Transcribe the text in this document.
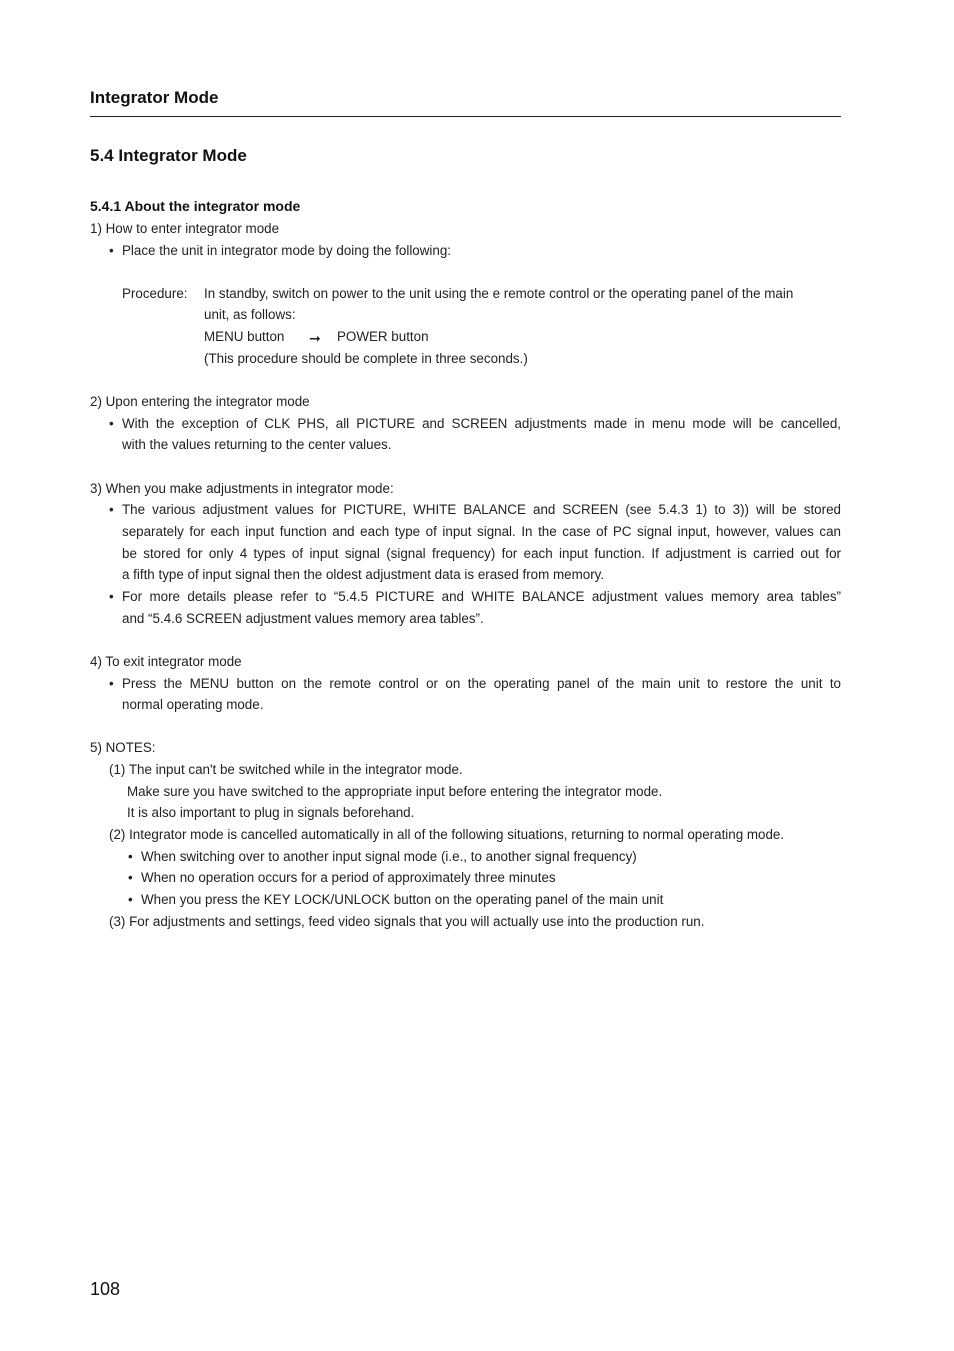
Integrator Mode
5.4 Integrator Mode
5.4.1 About the integrator mode
1) How to enter integrator mode
• Place the unit in integrator mode by doing the following:
Procedure: In standby, switch on power to the unit using the e remote control or the operating panel of the main
unit, as follows:
MENU button ➞ POWER button
(This procedure should be complete in three seconds.)
2) Upon entering the integrator mode
• With the exception of CLK PHS, all PICTURE and SCREEN adjustments made in menu mode will be cancelled,
with the values returning to the center values.
3) When you make adjustments in integrator mode:
• The various adjustment values for PICTURE, WHITE BALANCE and SCREEN (see 5.4.3 1) to 3)) will be stored
separately for each input function and each type of input signal. In the case of PC signal input, however, values can
be stored for only 4 types of input signal (signal frequency) for each input function. If adjustment is carried out for
a fifth type of input signal then the oldest adjustment data is erased from memory.
• For more details please refer to “5.4.5 PICTURE and WHITE BALANCE adjustment values memory area tables”
and “5.4.6 SCREEN adjustment values memory area tables”.
4) To exit integrator mode
• Press the MENU button on the remote control or on the operating panel of the main unit to restore the unit to
normal operating mode.
5) NOTES:
(1) The input can't be switched while in the integrator mode.
Make sure you have switched to the appropriate input before entering the integrator mode.
It is also important to plug in signals beforehand.
(2) Integrator mode is cancelled automatically in all of the following situations, returning to normal operating mode.
• When switching over to another input signal mode (i.e., to another signal frequency)
• When no operation occurs for a period of approximately three minutes
• When you press the KEY LOCK/UNLOCK button on the operating panel of the main unit
(3) For adjustments and settings, feed video signals that you will actually use into the production run.
108
